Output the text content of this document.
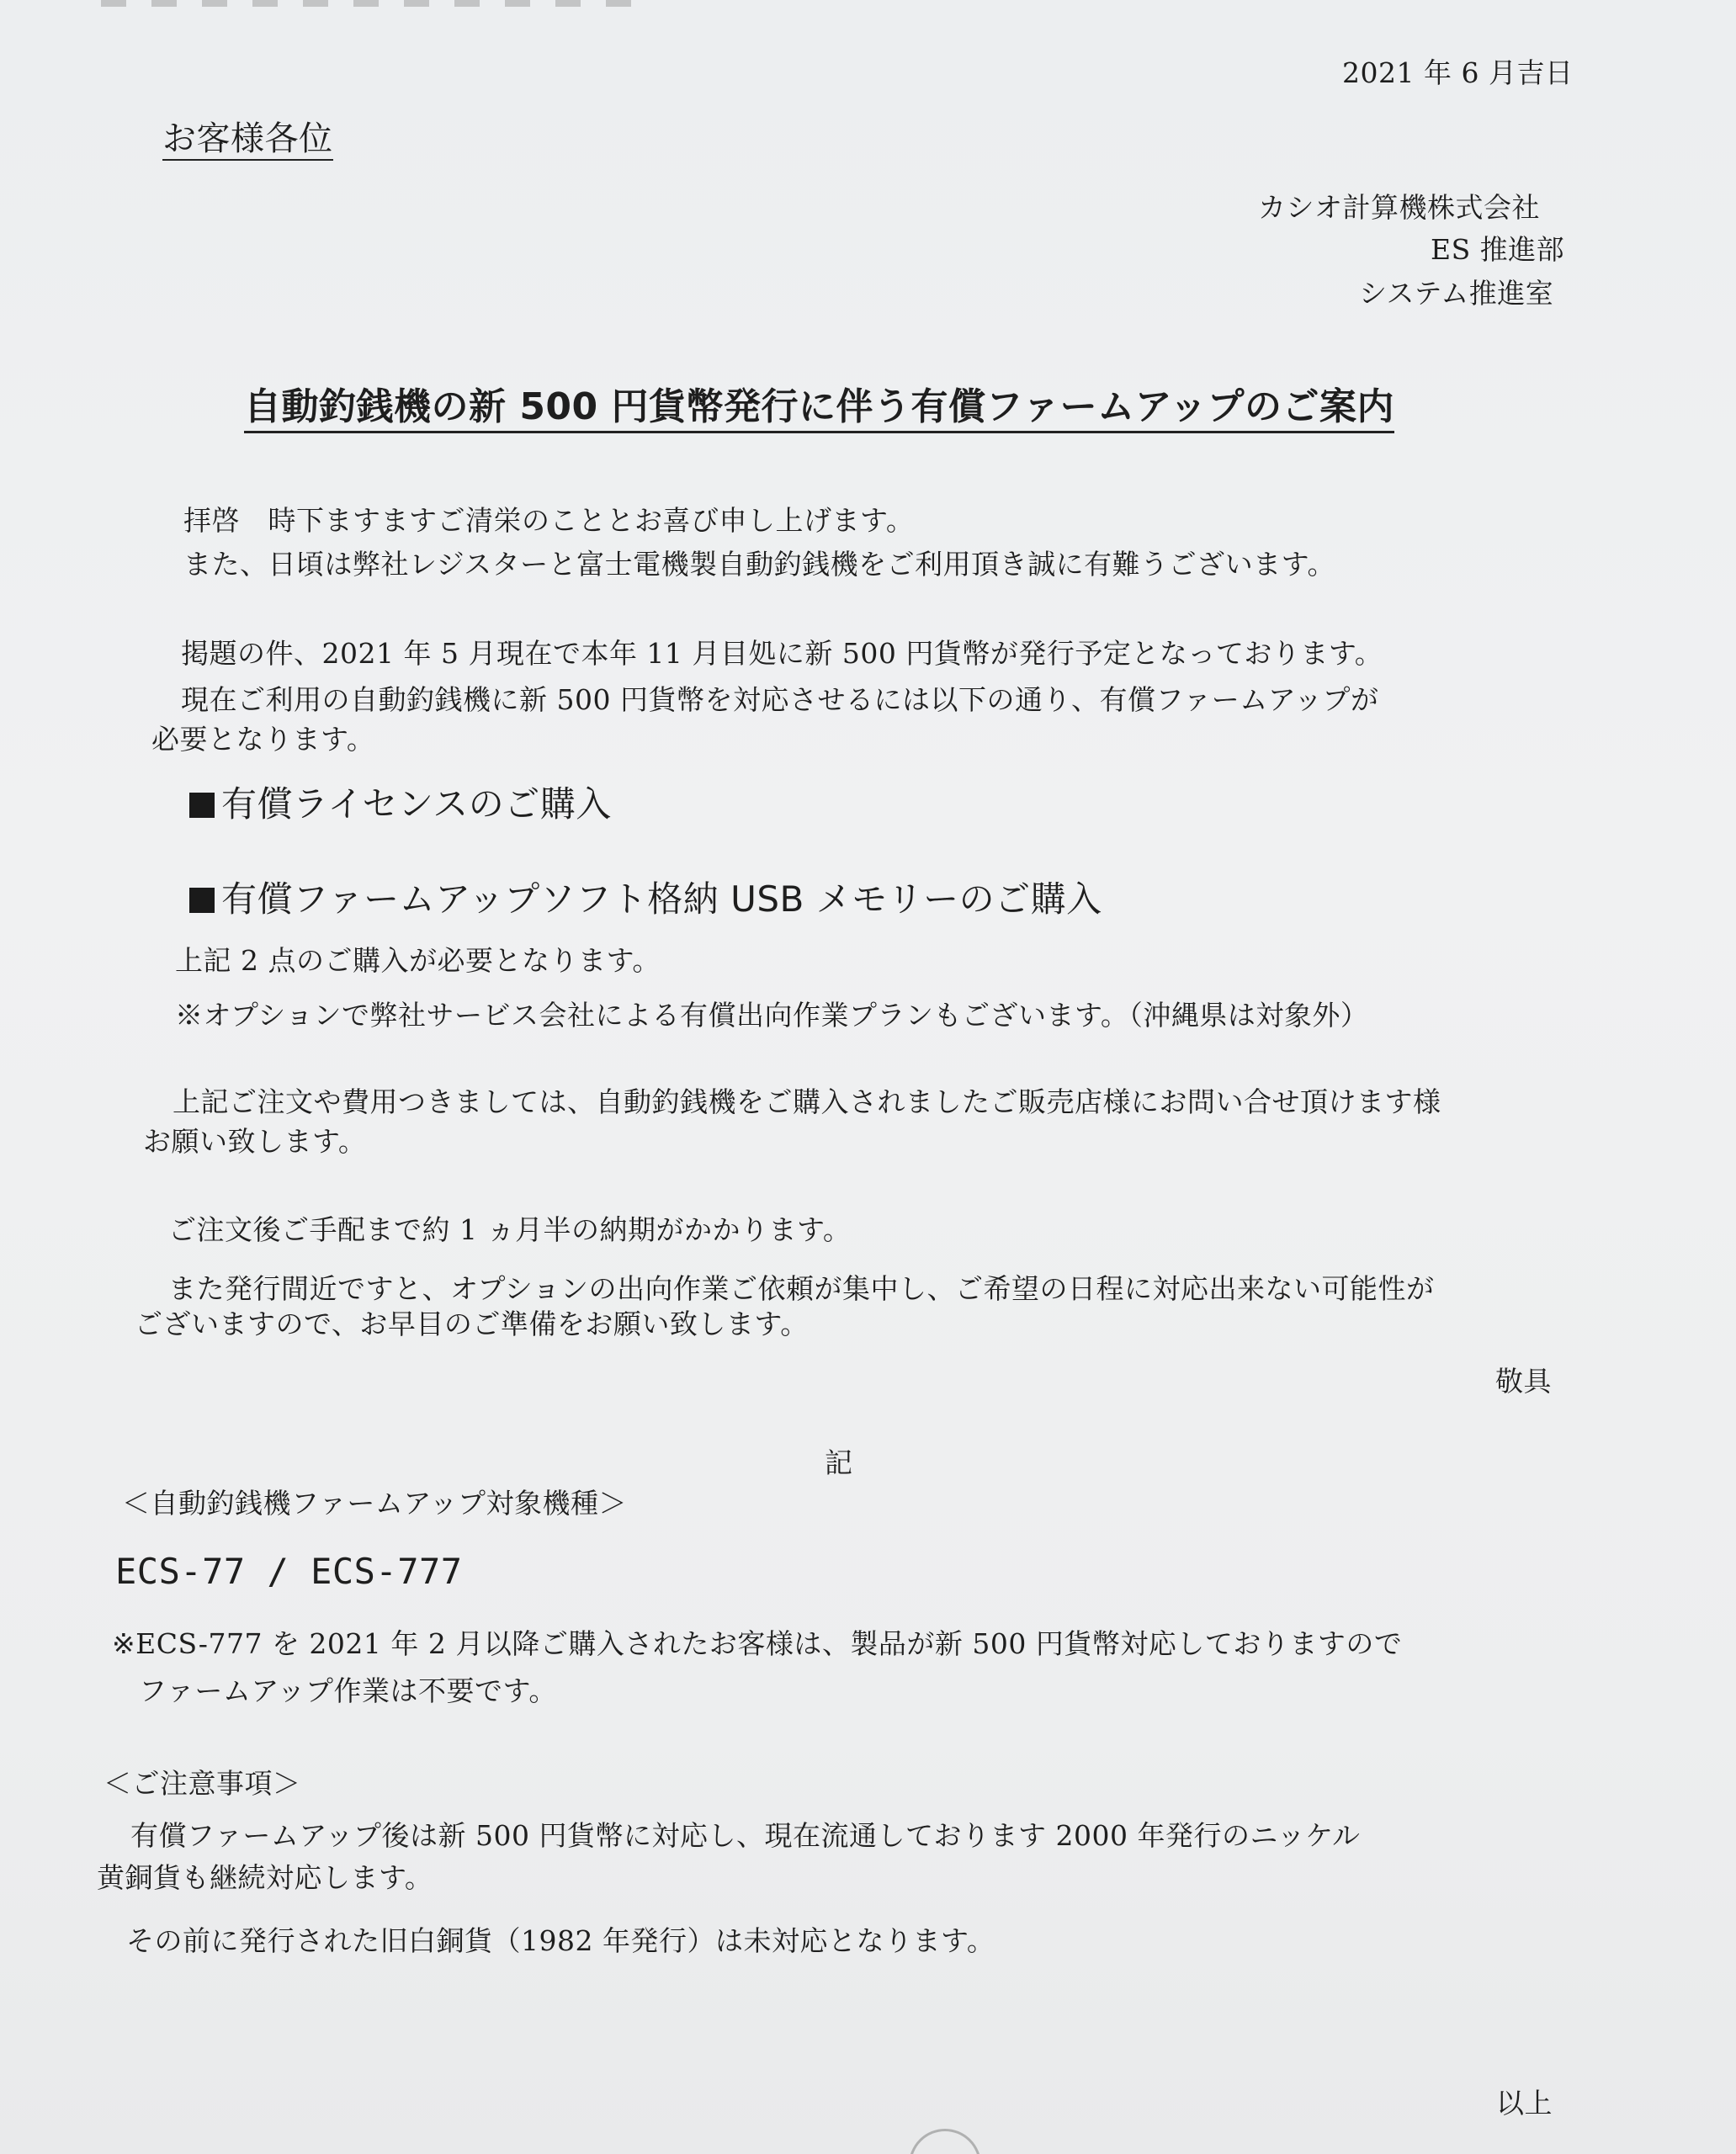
2021 年 6 月吉日
お客様各位
カシオ計算機株式会社
ES 推進部
システム推進室
自動釣銭機の新 500 円貨幣発行に伴う有償ファームアップのご案内
拝啓　時下ますますご清栄のこととお喜び申し上げます。
また、日頃は弊社レジスターと富士電機製自動釣銭機をご利用頂き誠に有難うございます。
掲題の件、2021 年 5 月現在で本年 11 月目処に新 500 円貨幣が発行予定となっております。
現在ご利用の自動釣銭機に新 500 円貨幣を対応させるには以下の通り、有償ファームアップが
必要となります。
有償ライセンスのご購入
有償ファームアップソフト格納 USB メモリーのご購入
上記 2 点のご購入が必要となります。
※オプションで弊社サービス会社による有償出向作業プランもございます。（沖縄県は対象外）
上記ご注文や費用つきましては、自動釣銭機をご購入されましたご販売店様にお問い合せ頂けます様
お願い致します。
ご注文後ご手配まで約 1 ヵ月半の納期がかかります。
また発行間近ですと、オプションの出向作業ご依頼が集中し、ご希望の日程に対応出来ない可能性が
ございますので、お早目のご準備をお願い致します。
敬具
記
＜自動釣銭機ファームアップ対象機種＞
ECS-77 / ECS-777
※ECS-777 を 2021 年 2 月以降ご購入されたお客様は、製品が新 500 円貨幣対応しておりますので
ファームアップ作業は不要です。
＜ご注意事項＞
有償ファームアップ後は新 500 円貨幣に対応し、現在流通しております 2000 年発行のニッケル
黄銅貨も継続対応します。
その前に発行された旧白銅貨（1982 年発行）は未対応となります。
以上
